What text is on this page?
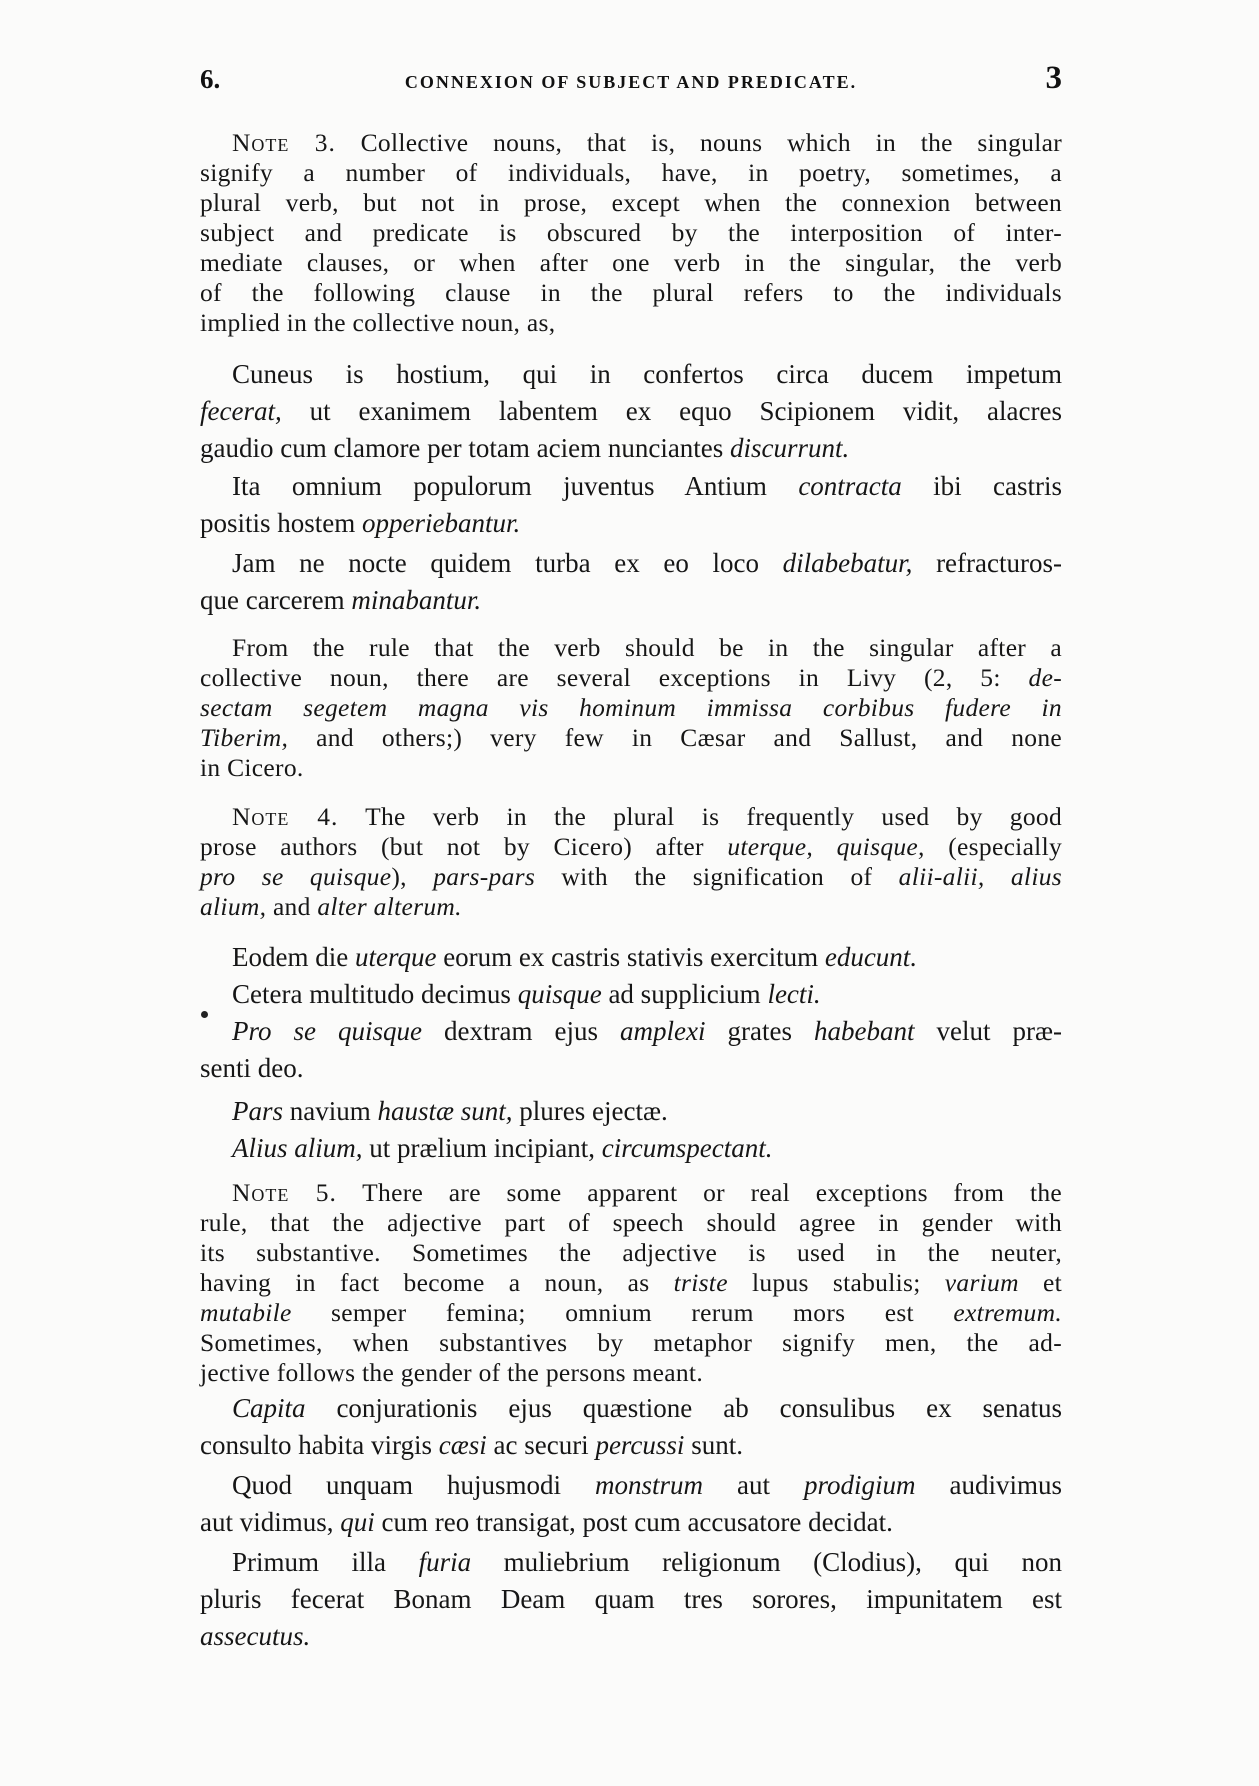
6.	CONNEXION OF SUBJECT AND PREDICATE.	3
Note 3. Collective nouns, that is, nouns which in the singular
signify a number of individuals, have, in poetry, sometimes, a
plural verb, but not in prose, except when the connexion between
subject and predicate is obscured by the interposition of inter-
mediate clauses, or when after one verb in the singular, the verb
of the following clause in the plural refers to the individuals
implied in the collective noun, as,
Cuneus is hostium, qui in confertos circa ducem impetum
fecerat, ut exanimem labentem ex equo Scipionem vidit, alacres
gaudio cum clamore per totam aciem nunciantes discurrunt.
Ita omnium populorum juventus Antium contracta ibi castris
positis hostem opperiebantur.
Jam ne nocte quidem turba ex eo loco dilabebatur, refracturos-
que carcerem minabantur.
From the rule that the verb should be in the singular after a
collective noun, there are several exceptions in Livy (2, 5: de-
sectam segetem magna vis hominum immissa corbibus fudere in
Tiberim, and others;) very few in Cæsar and Sallust, and none
in Cicero.
Note 4. The verb in the plural is frequently used by good
prose authors (but not by Cicero) after uterque, quisque, (especially
pro se quisque), pars-pars with the signification of alii-alii, alius
alium, and alter alterum.
Eodem die uterque eorum ex castris stativis exercitum educunt.
Cetera multitudo decimus quisque ad supplicium lecti.
Pro se quisque dextram ejus amplexi grates habebant velut præ-
senti deo.
Pars navium haustæ sunt, plures ejectæ.
Alius alium, ut prælium incipiant, circumspectant.
Note 5. There are some apparent or real exceptions from the
rule, that the adjective part of speech should agree in gender with
its substantive. Sometimes the adjective is used in the neuter,
having in fact become a noun, as triste lupus stabulis; varium et
mutabile semper femina; omnium rerum mors est extremum.
Sometimes, when substantives by metaphor signify men, the ad-
jective follows the gender of the persons meant.
Capita conjurationis ejus quæstione ab consulibus ex senatus
consulto habita virgis cæsi ac securi percussi sunt.
Quod unquam hujusmodi monstrum aut prodigium audivimus
aut vidimus, qui cum reo transigat, post cum accusatore decidat.
Primum illa furia muliebrium religionum (Clodius), qui non
pluris fecerat Bonam Deam quam tres sorores, impunitatem est
assecutus.
